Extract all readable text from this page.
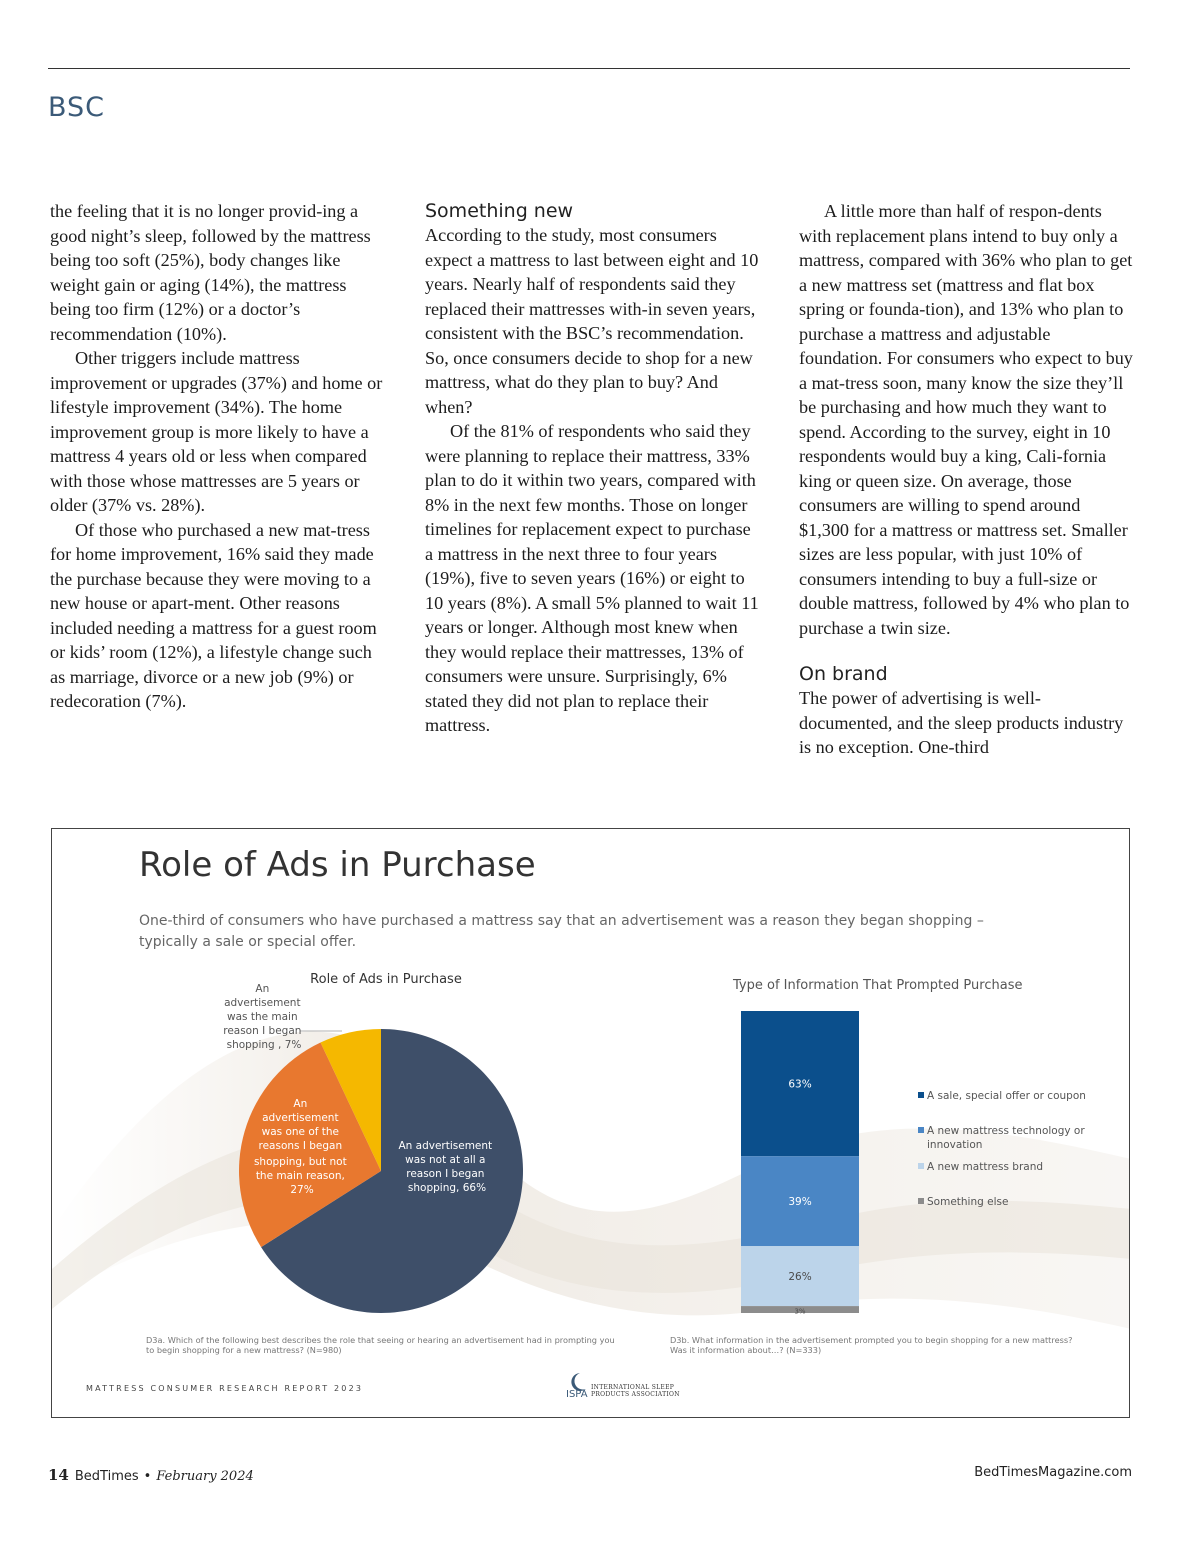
BSC

the feeling that it is no longer provid-ing a good night’s sleep, followed by the mattress being too soft (25%), body changes like weight gain or aging (14%), the mattress being too firm (12%) or a doctor’s recommendation (10%).

Other triggers include mattress improvement or upgrades (37%) and home or lifestyle improvement (34%). The home improvement group is more likely to have a mattress 4 years old or less when compared with those whose mattresses are 5 years or older (37% vs. 28%).

Of those who purchased a new mat-tress for home improvement, 16% said they made the purchase because they were moving to a new house or apart-ment. Other reasons included needing a mattress for a guest room or kids’ room (12%), a lifestyle change such as marriage, divorce or a new job (9%) or redecoration (7%).

Something new

According to the study, most consumers expect a mattress to last between eight and 10 years. Nearly half of respondents said they replaced their mattresses with-in seven years, consistent with the BSC’s recommendation. So, once consumers decide to shop for a new mattress, what do they plan to buy? And when?

Of the 81% of respondents who said they were planning to replace their mattress, 33% plan to do it within two years, compared with 8% in the next few months. Those on longer timelines for replacement expect to purchase a mattress in the next three to four years (19%), five to seven years (16%) or eight to 10 years (8%). A small 5% planned to wait 11 years or longer. Although most knew when they would replace their mattresses, 13% of consumers were unsure. Surprisingly, 6% stated they did not plan to replace their mattress.

A little more than half of respon-dents with replacement plans intend to buy only a mattress, compared with 36% who plan to get a new mattress set (mattress and flat box spring or founda-tion), and 13% who plan to purchase a mattress and adjustable foundation. For consumers who expect to buy a mat-tress soon, many know the size they’ll be purchasing and how much they want to spend. According to the survey, eight in 10 respondents would buy a king, Cali-fornia king or queen size. On average, those consumers are willing to spend around $1,300 for a mattress or mattress set. Smaller sizes are less popular, with just 10% of consumers intending to buy a full-size or double mattress, followed by 4% who plan to purchase a twin size.

On brand

The power of advertising is well-documented, and the sleep products industry is no exception. One-third

Role of Ads in Purchase
One-third of consumers who have purchased a mattress say that an advertisement was a reason they began shopping – typically a sale or special offer.
Role of Ads in Purchase
An advertisement was the main reason I began shopping , 7%
An advertisement was one of the reasons I began shopping, but not the main reason, 27%
An advertisement was not at all a reason I began shopping, 66%
Type of Information That Prompted Purchase
63%
39%
26%
3%
A sale, special offer or coupon
A new mattress technology or innovation
A new mattress brand
Something else
D3a. Which of the following best describes the role that seeing or hearing an advertisement had in prompting you to begin shopping for a new mattress? (N=980)
D3b. What information in the advertisement prompted you to begin shopping for a new mattress? Was it information about…? (N=333)
MATTRESS CONSUMER RESEARCH REPORT 2023
ISPA
INTERNATIONAL SLEEP
PRODUCTS ASSOCIATION
14 BedTimes • February 2024	BedTimesMagazine.com
